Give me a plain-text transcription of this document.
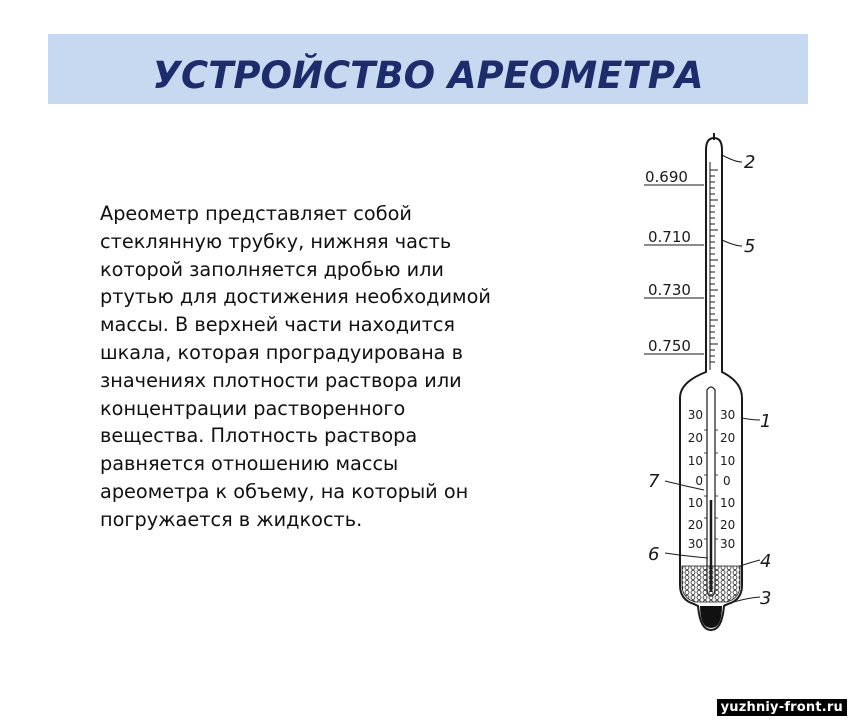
УСТРОЙСТВО АРЕОМЕТРА

Ареометр представляет собой
стеклянную трубку, нижняя часть
которой заполняется дробью или
ртутью для достижения необходимой
массы. В верхней части находится
шкала, которая проградуирована в
значениях плотности раствора или
концентрации растворенного
вещества. Плотность раствора
равняется отношению массы
ареометра к объему, на который он
погружается в жидкость.

0.690
0.710
0.730
0.750
30
20
10
0
10
20
30
30
20
10
0
10
20
30
2
5
1
7
6	4
3
yuzhniy-front.ru
